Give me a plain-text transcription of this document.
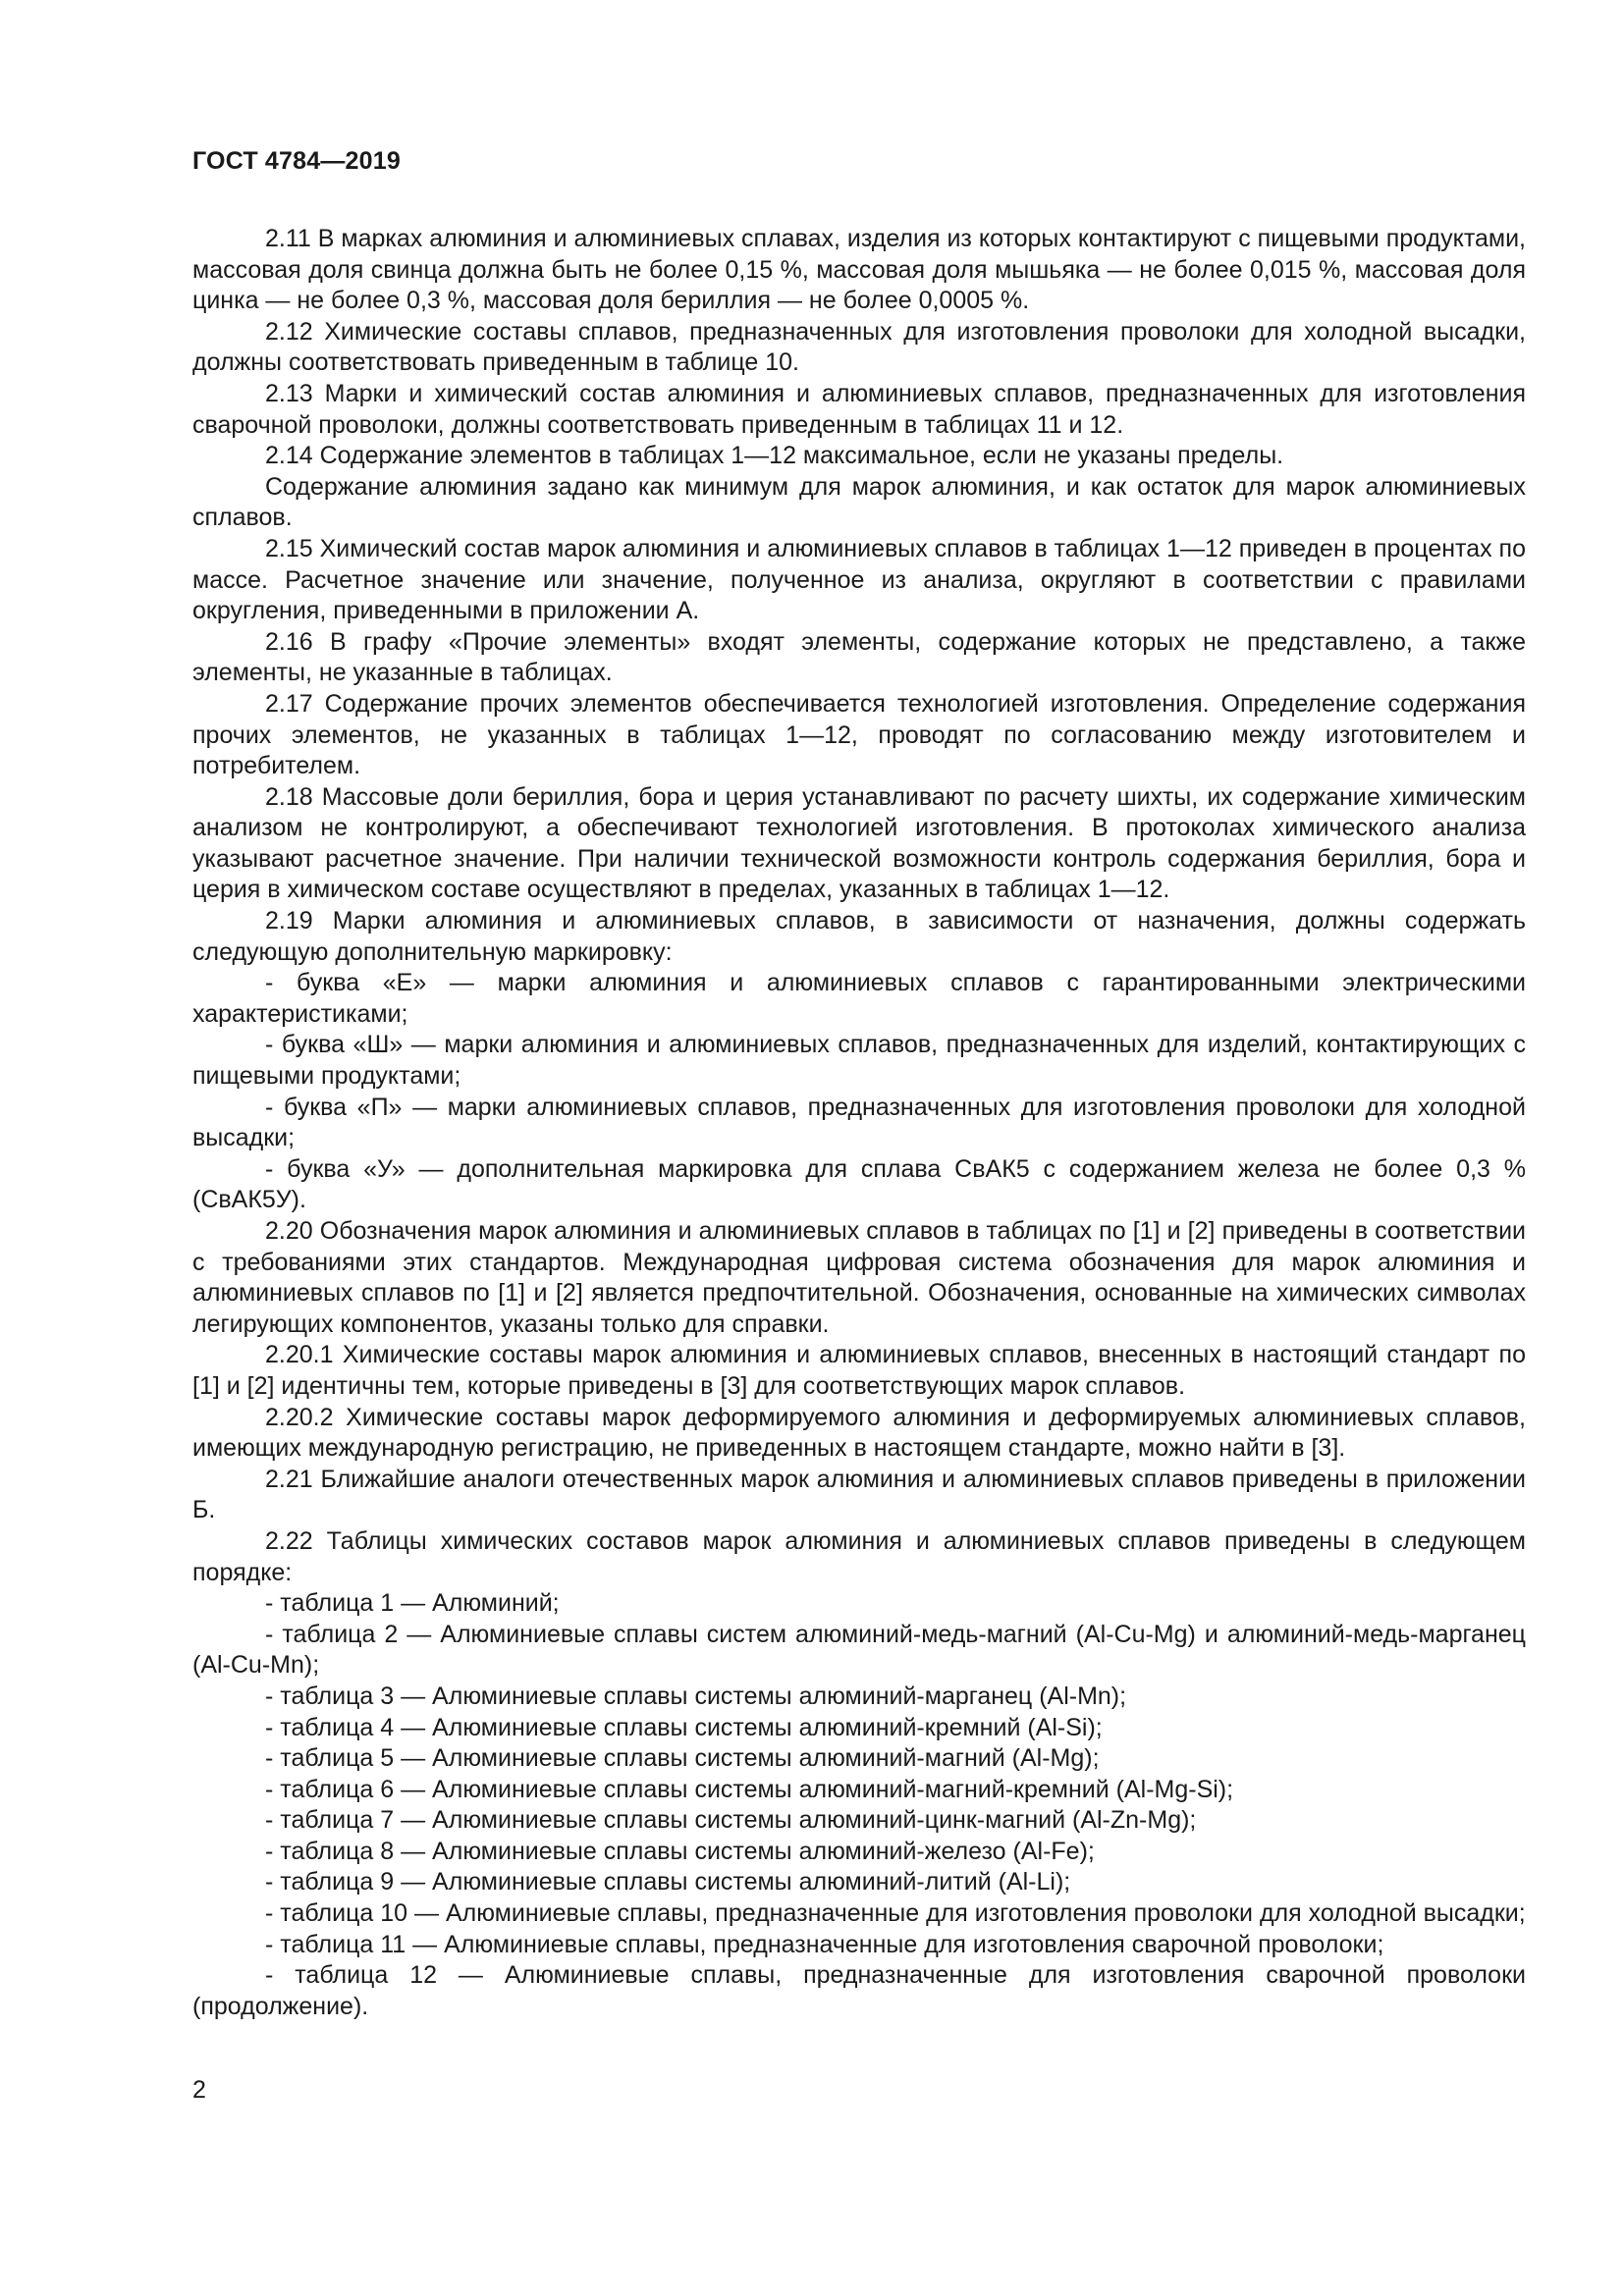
ГОСТ 4784—2019

2.11 В марках алюминия и алюминиевых сплавах, изделия из которых контактируют с пищевыми продуктами, массовая доля свинца должна быть не более 0,15 %, массовая доля мышьяка — не более 0,015 %, массовая доля цинка — не более 0,3 %, массовая доля бериллия — не более 0,0005 %.

2.12 Химические составы сплавов, предназначенных для изготовления проволоки для холодной высадки, должны соответствовать приведенным в таблице 10.

2.13 Марки и химический состав алюминия и алюминиевых сплавов, предназначенных для изготовления сварочной проволоки, должны соответствовать приведенным в таблицах 11 и 12.

2.14 Содержание элементов в таблицах 1—12 максимальное, если не указаны пределы.

Содержание алюминия задано как минимум для марок алюминия, и как остаток для марок алюминиевых сплавов.

2.15 Химический состав марок алюминия и алюминиевых сплавов в таблицах 1—12 приведен в процентах по массе. Расчетное значение или значение, полученное из анализа, округляют в соответствии с правилами округления, приведенными в приложении А.

2.16 В графу «Прочие элементы» входят элементы, содержание которых не представлено, а также элементы, не указанные в таблицах.

2.17 Содержание прочих элементов обеспечивается технологией изготовления. Определение содержания прочих элементов, не указанных в таблицах 1—12, проводят по согласованию между изготовителем и потребителем.

2.18 Массовые доли бериллия, бора и церия устанавливают по расчету шихты, их содержание химическим анализом не контролируют, а обеспечивают технологией изготовления. В протоколах химического анализа указывают расчетное значение. При наличии технической возможности контроль содержания бериллия, бора и церия в химическом составе осуществляют в пределах, указанных в таблицах 1—12.

2.19 Марки алюминия и алюминиевых сплавов, в зависимости от назначения, должны содержать следующую дополнительную маркировку:

- буква «Е» — марки алюминия и алюминиевых сплавов с гарантированными электрическими характеристиками;

- буква «Ш» — марки алюминия и алюминиевых сплавов, предназначенных для изделий, контактирующих с пищевыми продуктами;

- буква «П» — марки алюминиевых сплавов, предназначенных для изготовления проволоки для холодной высадки;

- буква «У» — дополнительная маркировка для сплава СвАК5 с содержанием железа не более 0,3 % (СвАК5У).

2.20 Обозначения марок алюминия и алюминиевых сплавов в таблицах по [1] и [2] приведены в соответствии с требованиями этих стандартов. Международная цифровая система обозначения для марок алюминия и алюминиевых сплавов по [1] и [2] является предпочтительной. Обозначения, основанные на химических символах легирующих компонентов, указаны только для справки.

2.20.1 Химические составы марок алюминия и алюминиевых сплавов, внесенных в настоящий стандарт по [1] и [2] идентичны тем, которые приведены в [3] для соответствующих марок сплавов.

2.20.2 Химические составы марок деформируемого алюминия и деформируемых алюминиевых сплавов, имеющих международную регистрацию, не приведенных в настоящем стандарте, можно найти в [3].

2.21 Ближайшие аналоги отечественных марок алюминия и алюминиевых сплавов приведены в приложении Б.

2.22 Таблицы химических составов марок алюминия и алюминиевых сплавов приведены в следующем порядке:

- таблица 1 — Алюминий;

- таблица 2 — Алюминиевые сплавы систем алюминий-медь-магний (Al-Cu-Mg) и алюминий-медь-марганец (Al-Cu-Mn);

- таблица 3 — Алюминиевые сплавы системы алюминий-марганец (Al-Mn);

- таблица 4 — Алюминиевые сплавы системы алюминий-кремний (Al-Si);

- таблица 5 — Алюминиевые сплавы системы алюминий-магний (Al-Mg);

- таблица 6 — Алюминиевые сплавы системы алюминий-магний-кремний (Al-Mg-Si);

- таблица 7 — Алюминиевые сплавы системы алюминий-цинк-магний (Al-Zn-Mg);

- таблица 8 — Алюминиевые сплавы системы алюминий-железо (Al-Fe);

- таблица 9 — Алюминиевые сплавы системы алюминий-литий (Al-Li);

- таблица 10 — Алюминиевые сплавы, предназначенные для изготовления проволоки для холодной высадки;

- таблица 11 — Алюминиевые сплавы, предназначенные для изготовления сварочной проволоки;

- таблица 12 — Алюминиевые сплавы, предназначенные для изготовления сварочной проволоки (продолжение).

2
